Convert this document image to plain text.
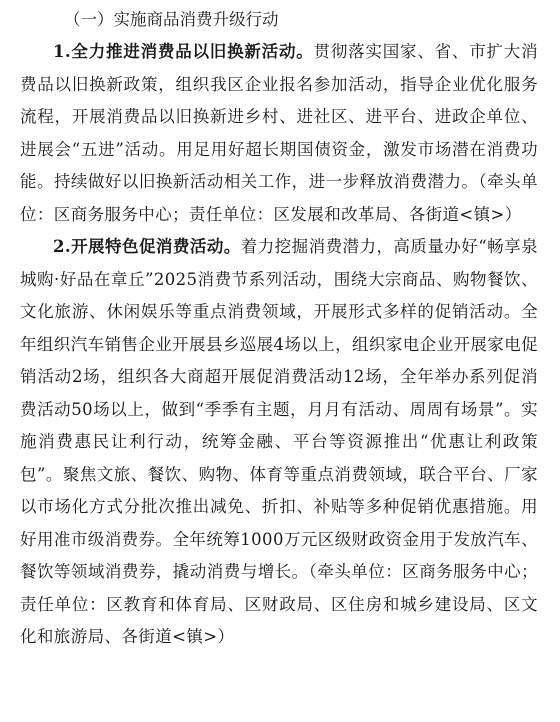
（一）实施商品消费升级行动

1.全力推进消费品以旧换新活动。贯彻落实国家、省、市扩大消费品以旧换新政策，组织我区企业报名参加活动，指导企业优化服务流程，开展消费品以旧换新进乡村、进社区、进平台、进政企单位、进展会“五进”活动。用足用好超长期国债资金，激发市场潜在消费功能。持续做好以旧换新活动相关工作，进一步释放消费潜力。（牵头单位：区商务服务中心；责任单位：区发展和改革局、各街道<镇>）

2.开展特色促消费活动。着力挖掘消费潜力，高质量办好“畅享泉城购·好品在章丘”2025消费节系列活动，围绕大宗商品、购物餐饮、文化旅游、休闲娱乐等重点消费领域，开展形式多样的促销活动。全年组织汽车销售企业开展县乡巡展4场以上，组织家电企业开展家电促销活动2场，组织各大商超开展促消费活动12场，全年举办系列促消费活动50场以上，做到“季季有主题，月月有活动、周周有场景”。实施消费惠民让利行动，统筹金融、平台等资源推出“优惠让利政策包”。聚焦文旅、餐饮、购物、体育等重点消费领域，联合平台、厂家以市场化方式分批次推出减免、折扣、补贴等多种促销优惠措施。用好用准市级消费券。全年统筹1000万元区级财政资金用于发放汽车、餐饮等领域消费券，撬动消费与增长。（牵头单位：区商务服务中心；责任单位：区教育和体育局、区财政局、区住房和城乡建设局、区文化和旅游局、各街道<镇>）
